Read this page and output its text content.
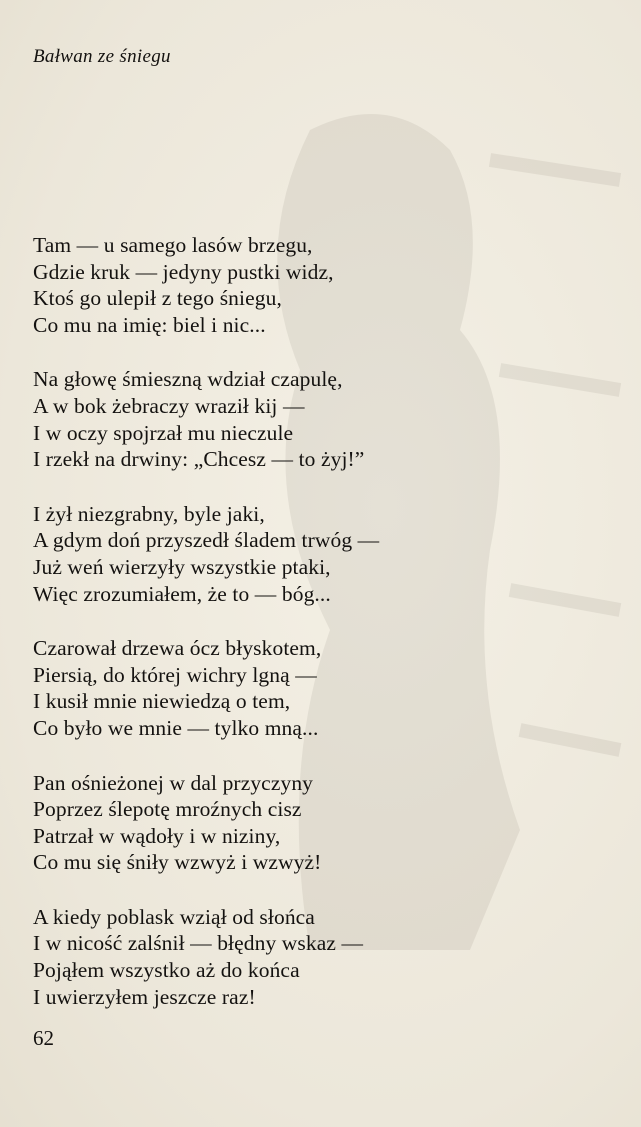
Bałwan ze śniegu
Tam — u samego lasów brzegu,
Gdzie kruk — jedyny pustki widz,
Ktoś go ulepił z tego śniegu,
Co mu na imię: biel i nic...
Na głowę śmieszną wdział czapulę,
A w bok żebraczy wraził kij —
I w oczy spojrzał mu nieczule
I rzekł na drwiny: „Chcesz — to żyj!”
I żył niezgrabny, byle jaki,
A gdym doń przyszedł śladem trwóg —
Już weń wierzyły wszystkie ptaki,
Więc zrozumiałem, że to — bóg...
Czarował drzewa ócz błyskotem,
Piersią, do której wichry lgną —
I kusił mnie niewiedzą o tem,
Co było we mnie — tylko mną...
Pan ośnieżonej w dal przyczyny
Poprzez ślepotę mroźnych cisz
Patrzał w wądoły i w niziny,
Co mu się śniły wzwyż i wzwyż!
A kiedy poblask wziął od słońca
I w nicość zalśnił — błędny wskaz —
Pojąłem wszystko aż do końca
I uwierzyłem jeszcze raz!
62
